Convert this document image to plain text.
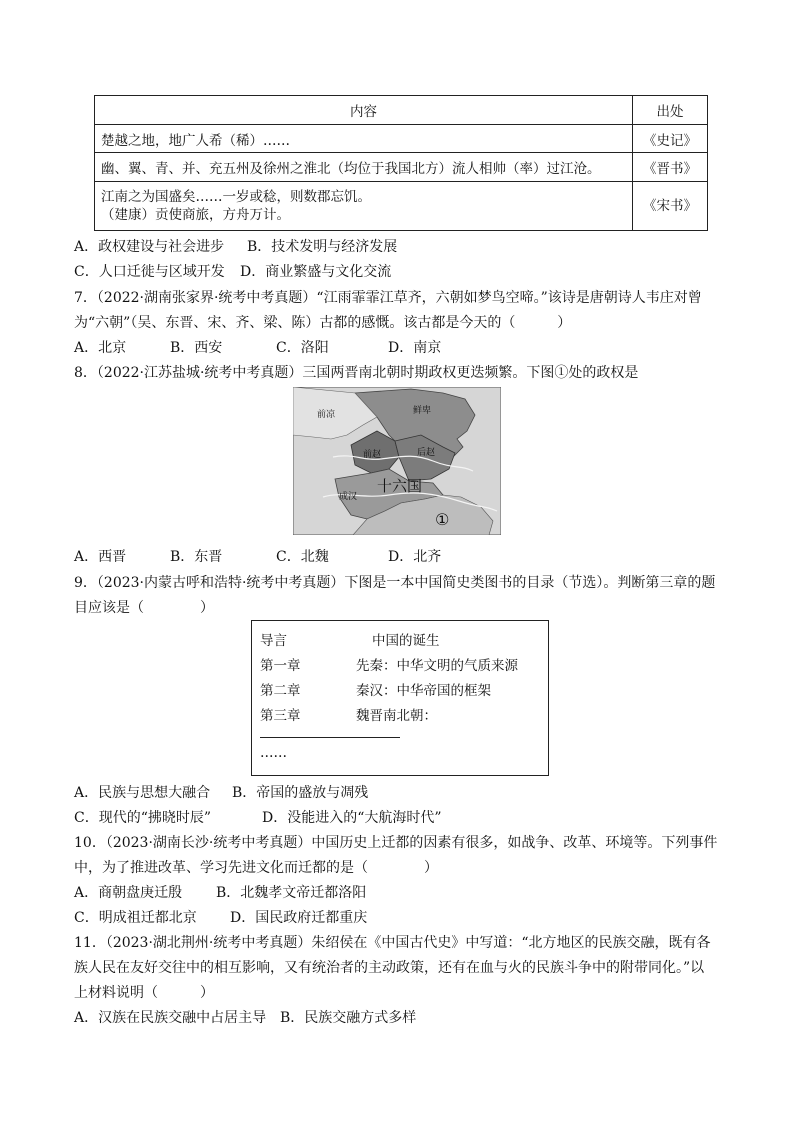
内容	出处
楚越之地，地广人希（稀）……	《史记》
幽、翼、青、并、充五州及徐州之淮北（均位于我国北方）流人相帅（率）过江沧。	《晋书》

江南之为国盛矣……一岁或稔，则数郡忘饥。
（建康）贡使商旅，方舟万计。	《宋书》
A．政权建设与社会进步 B．技术发明与经济发展
C．人口迁徙与区域开发 D．商业繁盛与文化交流
7．（2022·湖南张家界·统考中考真题）“江雨霏霏江草齐，六朝如梦鸟空啼。”该诗是唐朝诗人韦庄对曾
为“六朝”（吴、东晋、宋、齐、梁、陈）古都的感慨。该古都是今天的（　　　）
A．北京	B．西安	C．洛阳	D．南京
8．（2022·江苏盐城·统考中考真题）三国两晋南北朝时期政权更迭频繁。下图①处的政权是
前凉	鲜卑
前赵	后赵
成汉
十六国
①
A．西晋	B．东晋	C．北魏	D．北齐
9．（2023·内蒙古呼和浩特·统考中考真题）下图是一本中国简史类图书的目录（节选）。判断第三章的题
目应该是（　　　　）
导言	中国的诞生
第一章	先秦：中华文明的气质来源
第二章	秦汉：中华帝国的框架
第三章	魏晋南北朝：
……
A．民族与思想大融合 B．帝国的盛放与凋残
C．现代的“拂晓时辰”	D．没能进入的“大航海时代”
10．（2023·湖南长沙·统考中考真题）中国历史上迁都的因素有很多，如战争、改革、环境等。下列事件
中，为了推进改革、学习先进文化而迁都的是（　　　　）
A．商朝盘庚迁殷 B．北魏孝文帝迁都洛阳
C．明成祖迁都北京 D．国民政府迁都重庆
11．（2023·湖北荆州·统考中考真题）朱绍侯在《中国古代史》中写道：“北方地区的民族交融，既有各
族人民在友好交往中的相互影响，又有统治者的主动政策，还有在血与火的民族斗争中的附带同化。”以
上材料说明（　　　）
A．汉族在民族交融中占居主导 B．民族交融方式多样
